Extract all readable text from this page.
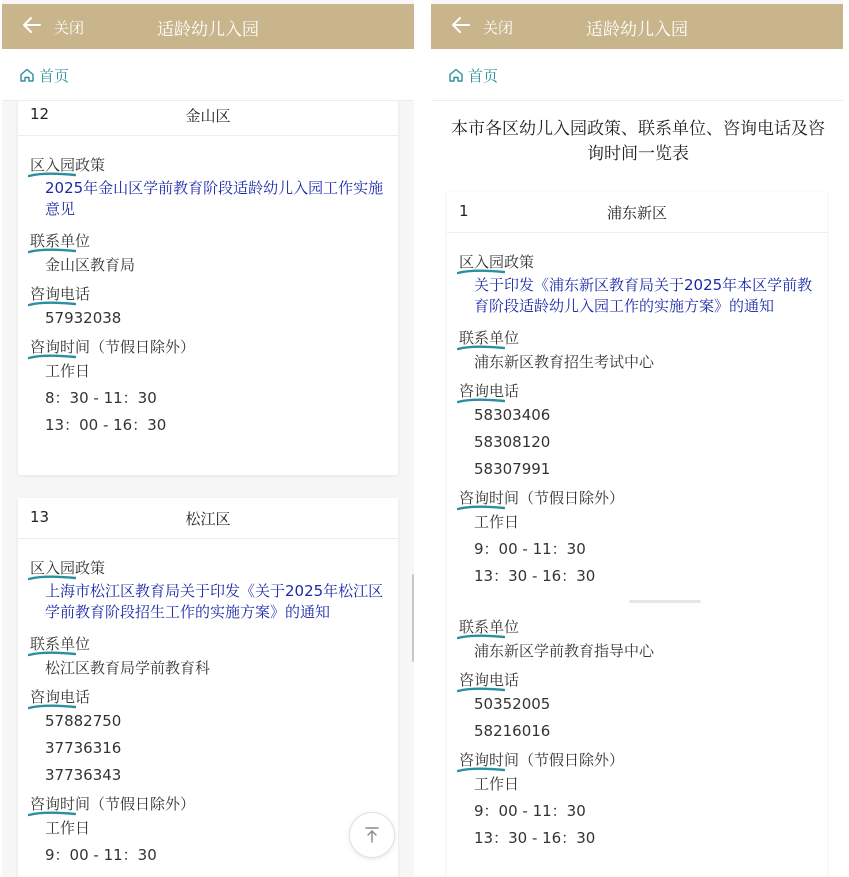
关闭	适龄幼儿入园
首页
12	金山区
区入园政策
2025年金山区学前教育阶段适龄幼儿入园工作实施意见
联系单位
金山区教育局
咨询电话
57932038
咨询时间（节假日除外）
工作日
8：30 - 11：30
13：00 - 16：30
13	松江区
区入园政策
上海市松江区教育局关于印发《关于2025年松江区学前教育阶段招生工作的实施方案》的通知
联系单位
松江区教育局学前教育科
咨询电话
57882750
37736316
37736343
咨询时间（节假日除外）
工作日
9：00 - 11：30
关闭	适龄幼儿入园
首页
本市各区幼儿入园政策、联系单位、咨询电话及咨询时间一览表
1	浦东新区
区入园政策
关于印发《浦东新区教育局关于2025年本区学前教育阶段适龄幼儿入园工作的实施方案》的通知
联系单位
浦东新区教育招生考试中心
咨询电话
58303406
58308120
58307991
咨询时间（节假日除外）
工作日
9：00 - 11：30
13：30 - 16：30
联系单位
浦东新区学前教育指导中心
咨询电话
50352005
58216016
咨询时间（节假日除外）
工作日
9：00 - 11：30
13：30 - 16：30
